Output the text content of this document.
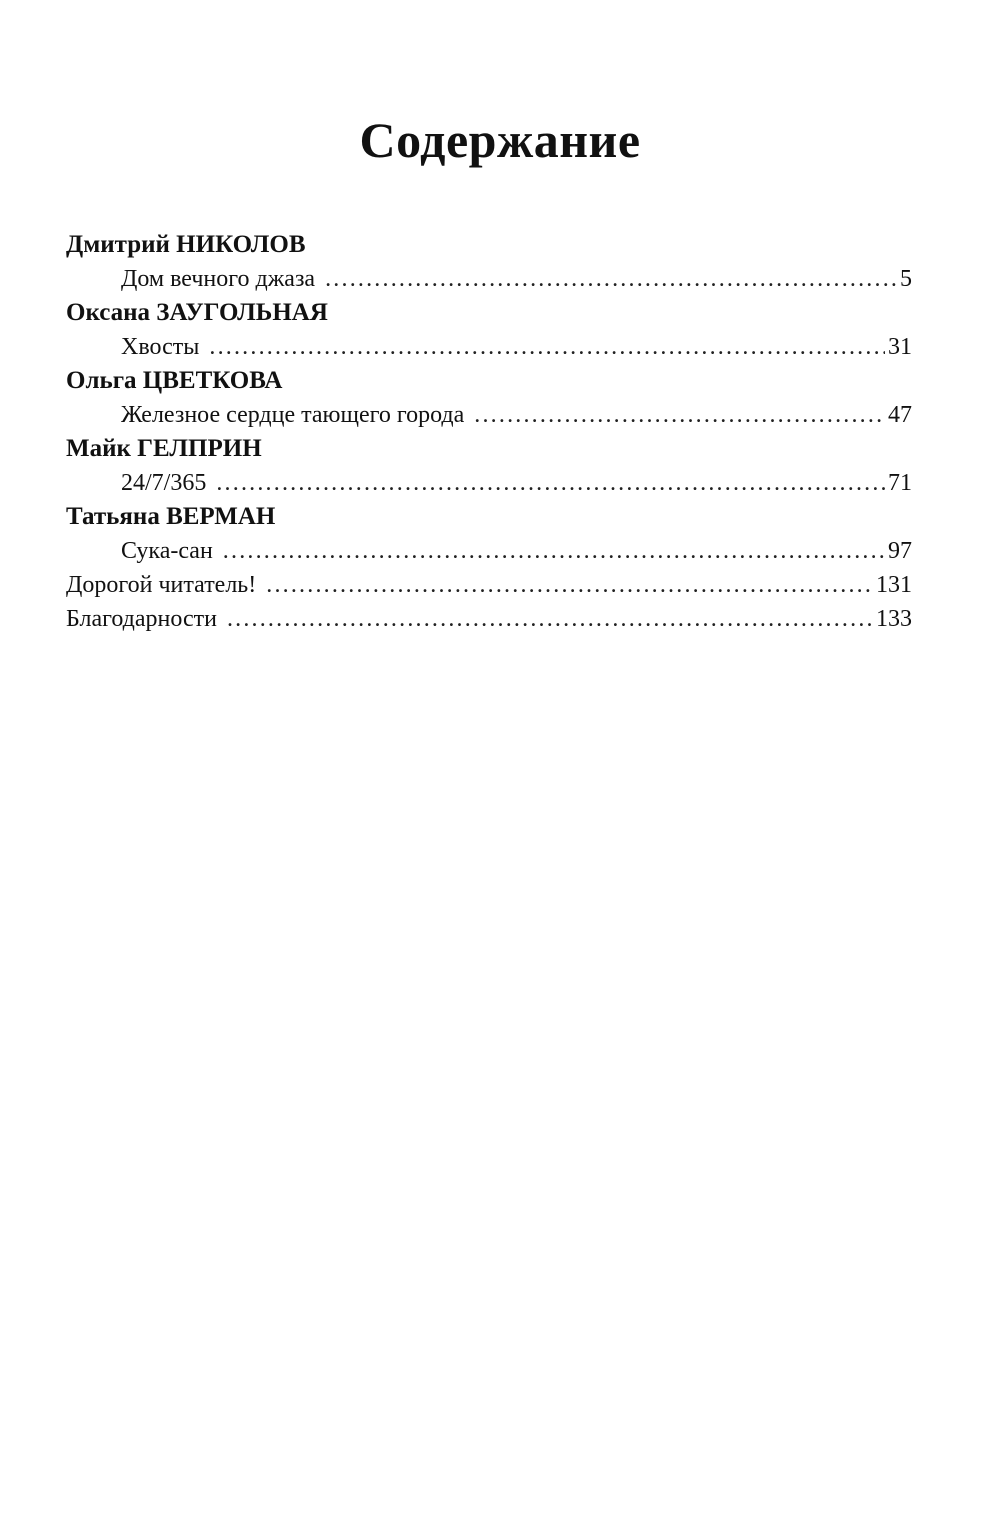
Содержание
Дмитрий НИКОЛОВ
Дом вечного джаза .....	5
Оксана ЗАУГОЛЬНАЯ
Хвосты .....	31
Ольга ЦВЕТКОВА
Железное сердце тающего города .....	47
Майк ГЕЛПРИН
24/7/365 .....	71
Татьяна ВЕРМАН
Сука-сан .....	97
Дорогой читатель! .....	131
Благодарности .....	133
